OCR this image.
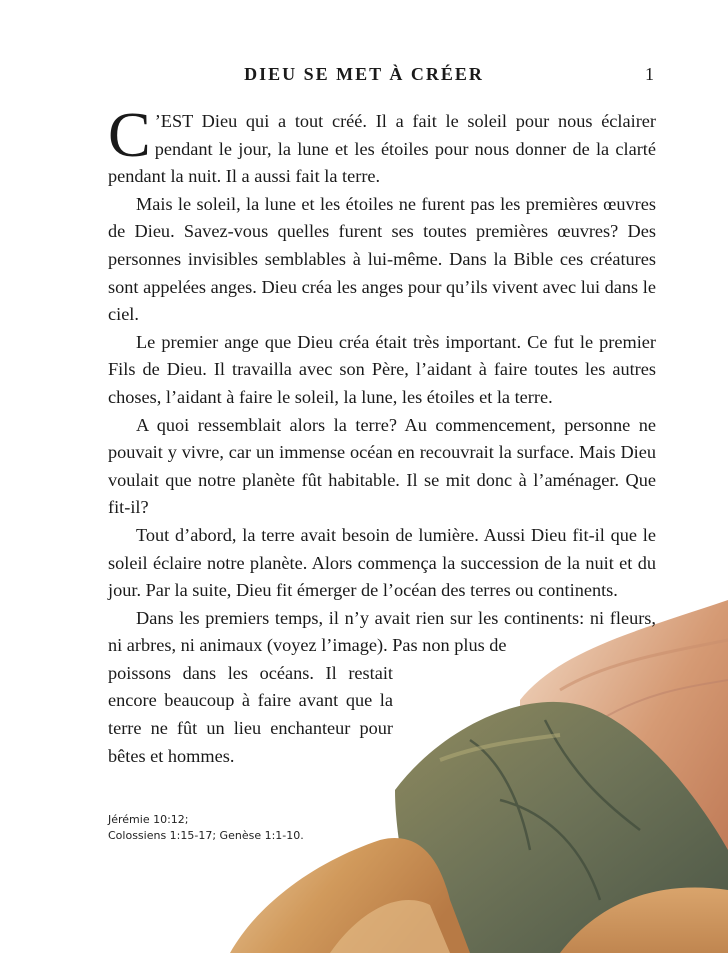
DIEU SE MET À CRÉER	1

C ’EST Dieu qui a tout créé. Il a fait le soleil pour nous éclairer pendant le jour, la lune et les étoiles pour nous donner de la clarté pendant la nuit. Il a aussi fait la terre.

Mais le soleil, la lune et les étoiles ne furent pas les premières œuvres de Dieu. Savez-vous quelles furent ses toutes premières œuvres? Des personnes invisibles semblables à lui-même. Dans la Bible ces créatures sont appelées anges. Dieu créa les anges pour qu’ils vivent avec lui dans le ciel.

Le premier ange que Dieu créa était très important. Ce fut le premier Fils de Dieu. Il travailla avec son Père, l’aidant à faire toutes les autres choses, l’aidant à faire le soleil, la lune, les étoiles et la terre.

A quoi ressemblait alors la terre? Au commencement, personne ne pouvait y vivre, car un immense océan en recouvrait la surface. Mais Dieu voulait que notre planète fût habitable. Il se mit donc à l’aménager. Que fit-il?

Tout d’abord, la terre avait besoin de lumière. Aussi Dieu fit-il que le soleil éclaire notre planète. Alors commença la succession de la nuit et du jour. Par la suite, Dieu fit émerger de l’océan des terres ou continents.

Dans les premiers temps, il n’y avait rien sur les continents: ni fleurs, ni arbres, ni animaux (voyez l’image). Pas non plus de

poissons dans les océans. Il restait encore beaucoup à faire avant que la terre ne fût un lieu enchanteur pour bêtes et hommes.

Jérémie 10:12;
Colossiens 1:15-17; Genèse 1:1-10.
